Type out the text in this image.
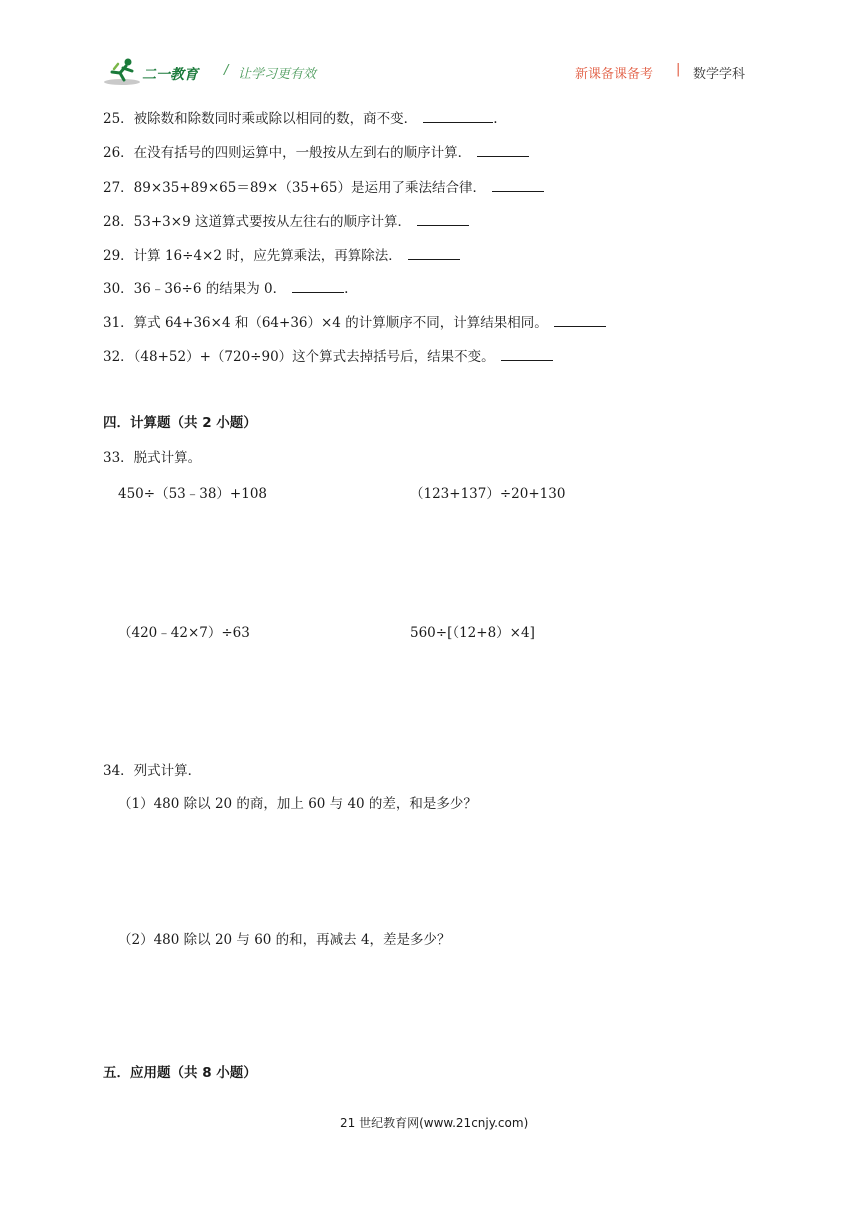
二一教育 / 让学习更有效	新课备课备考 | 数学学科
25．被除数和除数同时乘或除以相同的数，商不变．	.
26．在没有括号的四则运算中，一般按从左到右的顺序计算．
27．89×35+89×65＝89×（35+65）是运用了乘法结合律．
28．53+3×9 这道算式要按从左往右的顺序计算．
29．计算 16÷4×2 时，应先算乘法，再算除法．
30．36﹣36÷6 的结果为 0．	.
31．算式 64+36×4 和（64+36）×4 的计算顺序不同，计算结果相同。
32．（48+52）+（720÷90）这个算式去掉括号后，结果不变。
四．计算题（共 2 小题）
33．脱式计算。
450÷（53﹣38）+108	（123+137）÷20+130
（420﹣42×7）÷63	560÷[（12+8）×4]
34．列式计算．
（1）480 除以 20 的商，加上 60 与 40 的差，和是多少？
（2）480 除以 20 与 60 的和，再减去 4，差是多少？
五．应用题（共 8 小题）
21 世纪教育网(www.21cnjy.com)
